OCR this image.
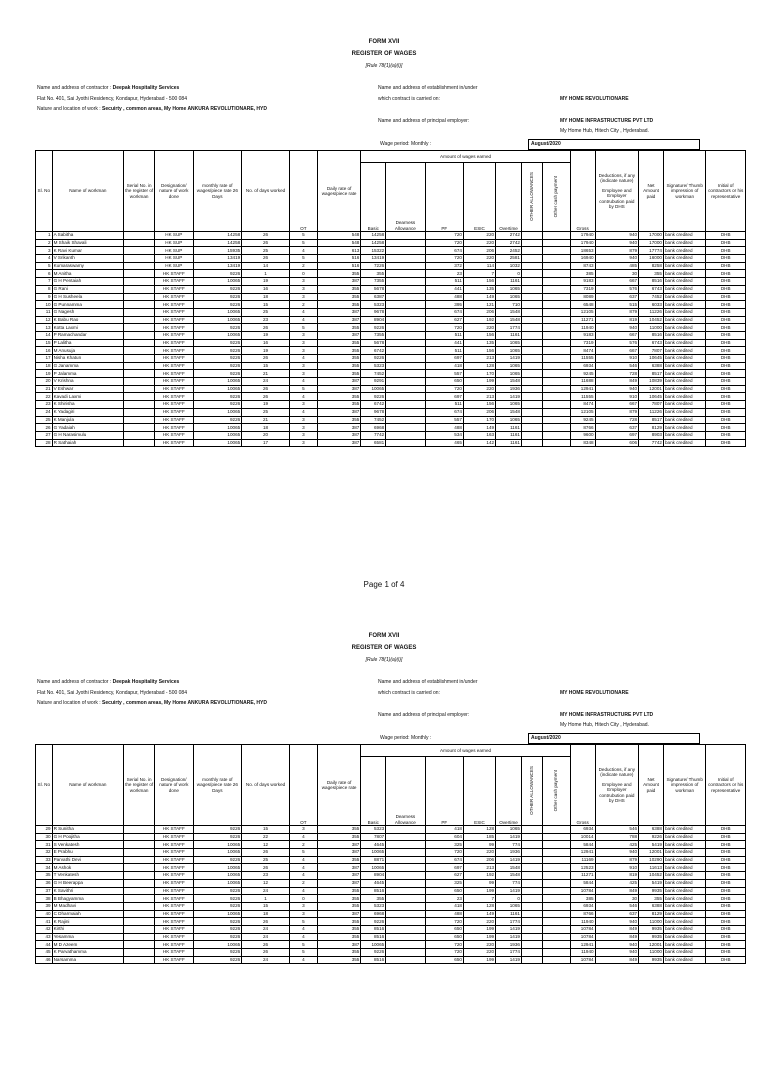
FORM XVII
REGISTER OF WAGES
[Rule 78(1)(a)(i)]
Name and address of contractor : Deepak Hospitality Services
Flat No. 401, Sai Jyothi Residency, Kondapur, Hyderabad - 500 084
Nature and location of work : Secuirty , common areas, My Home ANKURA REVOLUTIONARE, HYD
Name and address of establishment in/under
which contract is carried on:	MY HOME REVOLUTIONARE
Name and address of principal employer:	MY HOME INFRASTRUCTURE PVT LTD
My Home Hub, Hitech City , Hyderabad.
Wage period: Monthly :	August/2020
Sl. No	Name of workman	Serial No. in the register of workman	Designation/ nature of work done	monthly rate of wages/piece rate 26 Days	No. of days worked	OT	Daily rate of wages/piece rate	Amount of wages earned							Gross	Deductions, if any (indicate nature)
Employee and Employer contrubution paid by DHS	Net Amount paid	Signature/ Thumb impression of workman	Initial of contractors or his representative
								Basic	Dearness Allowance	PF	ESIC	Overtime	OTHER ALLOWANCES	Other cash payment					
1	A Sabitha		HK SUP	14258	26	5	548	14258		720	220	2742			17940	940	17000	bank credited	DHB
2	M Shaik Shavali		HK SUP	14258	26	5	548	14258		720	220	2742			17940	940	17000	bank credited	DHB
3	K Ravi Kumar		HK SUP	15935	25	4	613	15322		674	206	2452			18653	879	17774	bank credited	DHB
4	V Srikanth		HK SUP	13419	26	5	516	13419		720	220	2581			16940	940	16000	bank credited	DHB
5	Kumaraswamy		HK SUP	13419	14	2	516	7226		372	114	1032			8743	485	8258	bank credited	DHB
6	M Anitha		HK STAFF	9226	1	0	355	355		23	7	0			385	30	355	bank credited	DHB
7	G H Pentaiah		HK STAFF	10065	19	3	387	7355		511	156	1161			9183	667	8516	bank credited	DHB
8	G Rani		HK STAFF	9226	16	3	355	5678		441	135	1065			7319	576	6743	bank credited	DHB
9	G H Susheela		HK STAFF	9226	18	3	355	6387		488	149	1065			8089	637	7452	bank credited	DHB
10	G Punnamma		HK STAFF	9226	15	2	355	5323		395	121	710			6548	515	6033	bank credited	DHB
11	G Nagesh		HK STAFF	10065	25	4	387	9678		674	206	1548			12105	879	11226	bank credited	DHB
12	K Babu Rao		HK STAFF	10065	23	4	387	8904		627	192	1548			11271	819	10452	bank credited	DHB
13	Kotta Laxmi		HK STAFF	9226	26	5	355	9226		720	220	1774			11940	940	11000	bank credited	DHB
14	P Ramachandar		HK STAFF	10065	19	3	387	7355		511	156	1161			9183	667	8516	bank credited	DHB
15	P Lalitha		HK STAFF	9226	16	3	355	5678		441	135	1065			7319	576	6743	bank credited	DHB
16	M Anusuja		HK STAFF	9226	19	3	355	6742		511	156	1065			8474	667	7807	bank credited	DHB
17	Nisha Khatun		HK STAFF	9226	26	4	355	9226		697	213	1419			11555	910	10645	bank credited	DHB
18	G Janamma		HK STAFF	9226	15	3	355	5323		418	128	1065			6934	546	6388	bank credited	DHB
19	P Jalamma		HK STAFF	9226	21	3	355	7452		557	170	1065			9245	728	8517	bank credited	DHB
20	V Krishna		HK STAFF	10065	24	4	387	9291		650	199	1548			11688	849	10839	bank credited	DHB
21	V Eshwar		HK STAFF	10065	26	5	387	10065		720	220	1936			12941	940	12001	bank credited	DHB
22	Kavadi Laxmi		HK STAFF	9226	26	4	355	9226		697	213	1419			11555	910	10645	bank credited	DHB
23	K Shirisha		HK STAFF	9226	19	3	355	6742		511	156	1065			8474	667	7807	bank credited	DHB
24	K Yadagiri		HK STAFF	10065	25	4	387	9678		674	206	1548			12105	879	11226	bank credited	DHB
25	K Manjula		HK STAFF	9226	21	3	355	7452		557	170	1065			9245	728	8517	bank credited	DHB
26	G Yadaiah		HK STAFF	10065	18	3	387	6968		488	149	1161			8766	637	8129	bank credited	DHB
27	G H Narasimulu		HK STAFF	10065	20	3	387	7742		534	163	1161			9600	697	8903	bank credited	DHB
28	R Sathaiah		HK STAFF	10065	17	3	387	6581		465	142	1161			8348	606	7742	bank credited	DHB
Page 1 of 4
FORM XVII
REGISTER OF WAGES
[Rule 78(1)(a)(i)]
Name and address of contractor : Deepak Hospitality Services
Flat No. 401, Sai Jyothi Residency, Kondapur, Hyderabad - 500 084
Nature and location of work : Secuirty , common areas, My Home ANKURA REVOLUTIONARE, HYD
Name and address of establishment in/under
which contract is carried on:	MY HOME REVOLUTIONARE
Name and address of principal employer:	MY HOME INFRASTRUCTURE PVT LTD
My Home Hub, Hitech City , Hyderabad.
Wage period: Monthly :	August/2020
Sl. No	Name of workman	Serial No. in the register of workman	Designation/ nature of work done	monthly rate of wages/piece rate 26 Days	No. of days worked	OT	Daily rate of wages/piece rate	Amount of wages earned							Gross	Deductions, if any (indicate nature)
Employee and Employer contrubution paid by DHS	Net Amount paid	Signature/ Thumb impression of workman	Initial of contractors or his representative
								Basic	Dearness Allowance	PF	ESIC	Overtime	OTHER ALLOWANCES	Other cash payment					
29	R Sunitha		HK STAFF	9226	15	3	355	5323		418	128	1065			6934	546	6388	bank credited	DHB
30	G H Poojitha		HK STAFF	9226	22	4	355	7807		604	185	1419			10014	788	9226	bank credited	DHB
31	S Venkatesh		HK STAFF	10065	12	2	387	4645		325	99	774			5844	425	5419	bank credited	DHB
32	E Prabhu		HK STAFF	10065	26	5	387	10065		720	220	1936			12941	940	12001	bank credited	DHB
33	Parvathi Devi		HK STAFF	9226	25	4	355	8871		674	206	1419			11169	879	10290	bank credited	DHB
34	M Ashok		HK STAFF	10065	26	4	387	10065		697	213	1548			12523	910	11613	bank credited	DHB
35	T Venkatesh		HK STAFF	10065	23	4	387	8904		627	192	1548			11271	819	10452	bank credited	DHB
36	G H Beerappa		HK STAFF	10065	12	2	387	4645		325	99	774			5844	425	5419	bank credited	DHB
37	K Savithri		HK STAFF	9226	24	4	355	8516		650	199	1419			10784	849	9935	bank credited	DHB
38	B Bhagyamma		HK STAFF	9226	1	0	355	355		23	7	0			385	30	355	bank credited	DHB
39	M Madhavi		HK STAFF	9226	15	3	355	5323		418	128	1065			6934	546	6388	bank credited	DHB
40	C Dharmaiah		HK STAFF	10065	18	3	387	6968		488	149	1161			8766	637	8129	bank credited	DHB
41	K Rajini		HK STAFF	9226	26	5	355	9226		720	220	1774			11940	940	11000	bank credited	DHB
42	Kirthi		HK STAFF	9226	24	4	355	8516		650	199	1419			10784	849	9935	bank credited	DHB
43	Yesamma		HK STAFF	9226	24	4	355	8516		650	199	1419			10784	849	9935	bank credited	DHB
44	M D Azeem		HK STAFF	10065	26	5	387	10065		720	220	1936			12941	940	12001	bank credited	DHB
45	K Parvathamma		HK STAFF	9226	26	5	355	9226		720	220	1774			11940	940	11000	bank credited	DHB
46	Narsamma		HK STAFF	9226	24	4	355	8516		650	199	1419			10784	849	9935	bank credited	DHB
